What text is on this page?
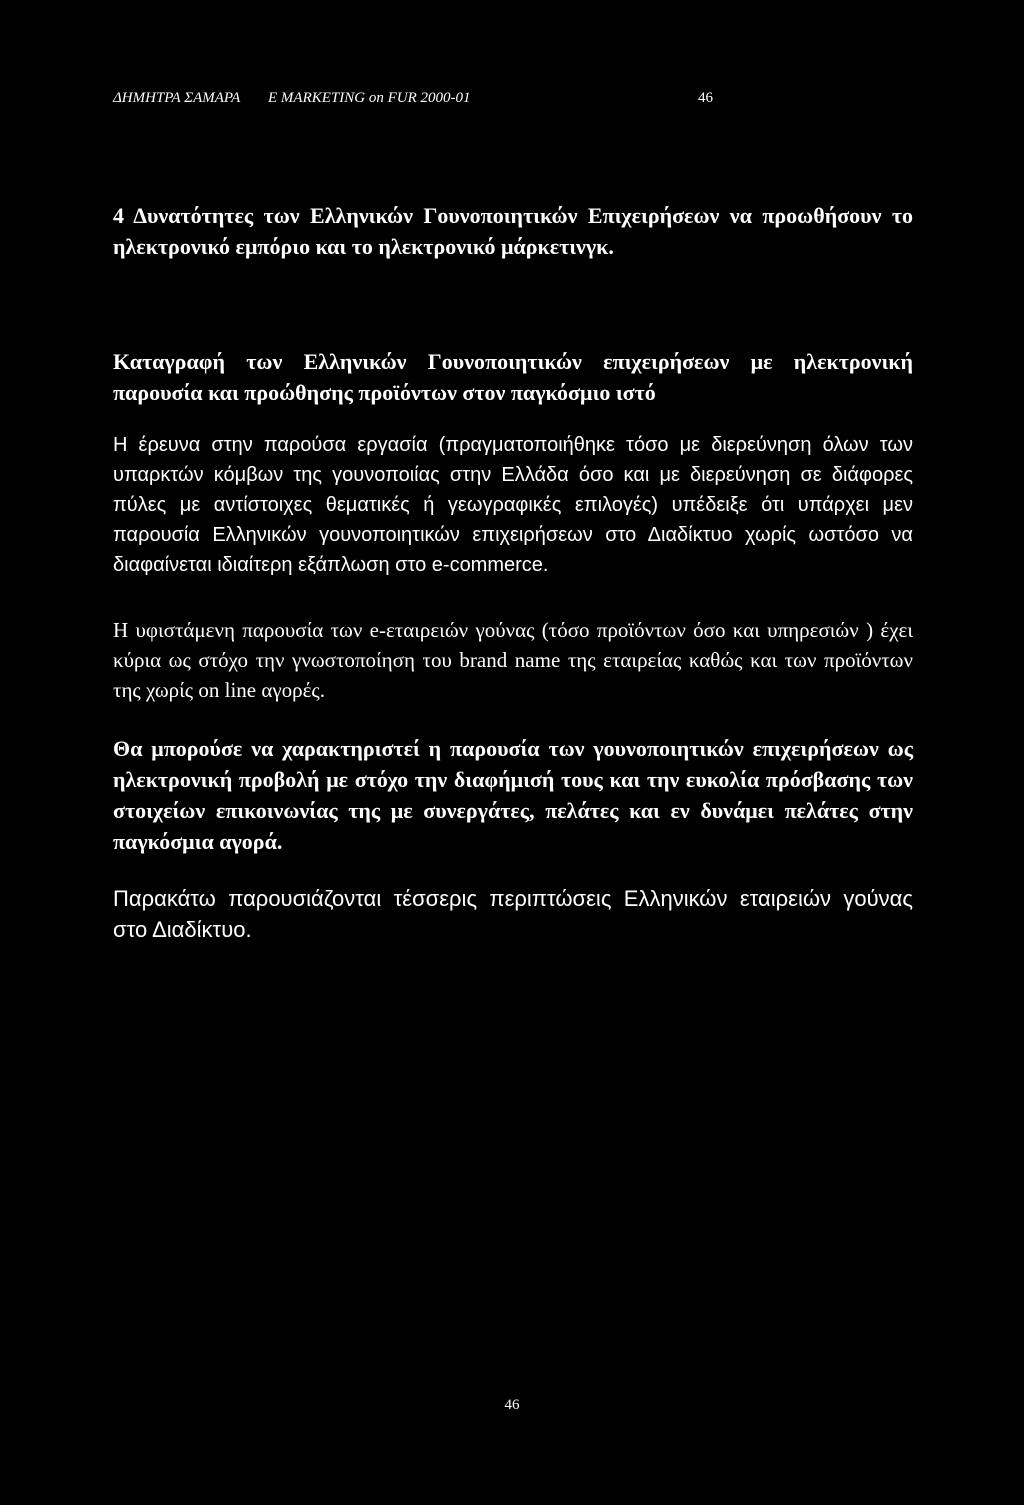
ΔΗΜΗΤΡΑ ΣΑΜΑΡΑ E MARKETING on FUR 2000-01	46
4 Δυνατότητες των Ελληνικών Γουνοποιητικών Επιχειρήσεων να προωθήσουν το ηλεκτρονικό εμπόριο και το ηλεκτρονικό μάρκετινγκ.
Καταγραφή των Ελληνικών Γουνοποιητικών επιχειρήσεων με ηλεκτρονική παρουσία και προώθησης προϊόντων στον παγκόσμιο ιστό
Η έρευνα στην παρούσα εργασία (πραγματοποιήθηκε τόσο με διερεύνηση όλων των υπαρκτών κόμβων της γουνοποιίας στην Ελλάδα όσο και με διερεύνηση σε διάφορες πύλες με αντίστοιχες θεματικές ή γεωγραφικές επιλογές) υπέδειξε ότι υπάρχει μεν παρουσία Ελληνικών γουνοποιητικών επιχειρήσεων στο Διαδίκτυο χωρίς ωστόσο να διαφαίνεται ιδιαίτερη εξάπλωση στο e-commerce.
Η υφιστάμενη παρουσία των e-εταιρειών γούνας (τόσο προϊόντων όσο και υπηρεσιών ) έχει κύρια ως στόχο την γνωστοποίηση του brand name της εταιρείας καθώς και των προϊόντων της χωρίς on line αγορές.
Θα μπορούσε να χαρακτηριστεί η παρουσία των γουνοποιητικών επιχειρήσεων ως ηλεκτρονική προβολή με στόχο την διαφήμισή τους και την ευκολία πρόσβασης των στοιχείων επικοινωνίας της με συνεργάτες, πελάτες και εν δυνάμει πελάτες στην παγκόσμια αγορά.
Παρακάτω παρουσιάζονται τέσσερις περιπτώσεις Ελληνικών εταιρειών γούνας στο Διαδίκτυο.
46
